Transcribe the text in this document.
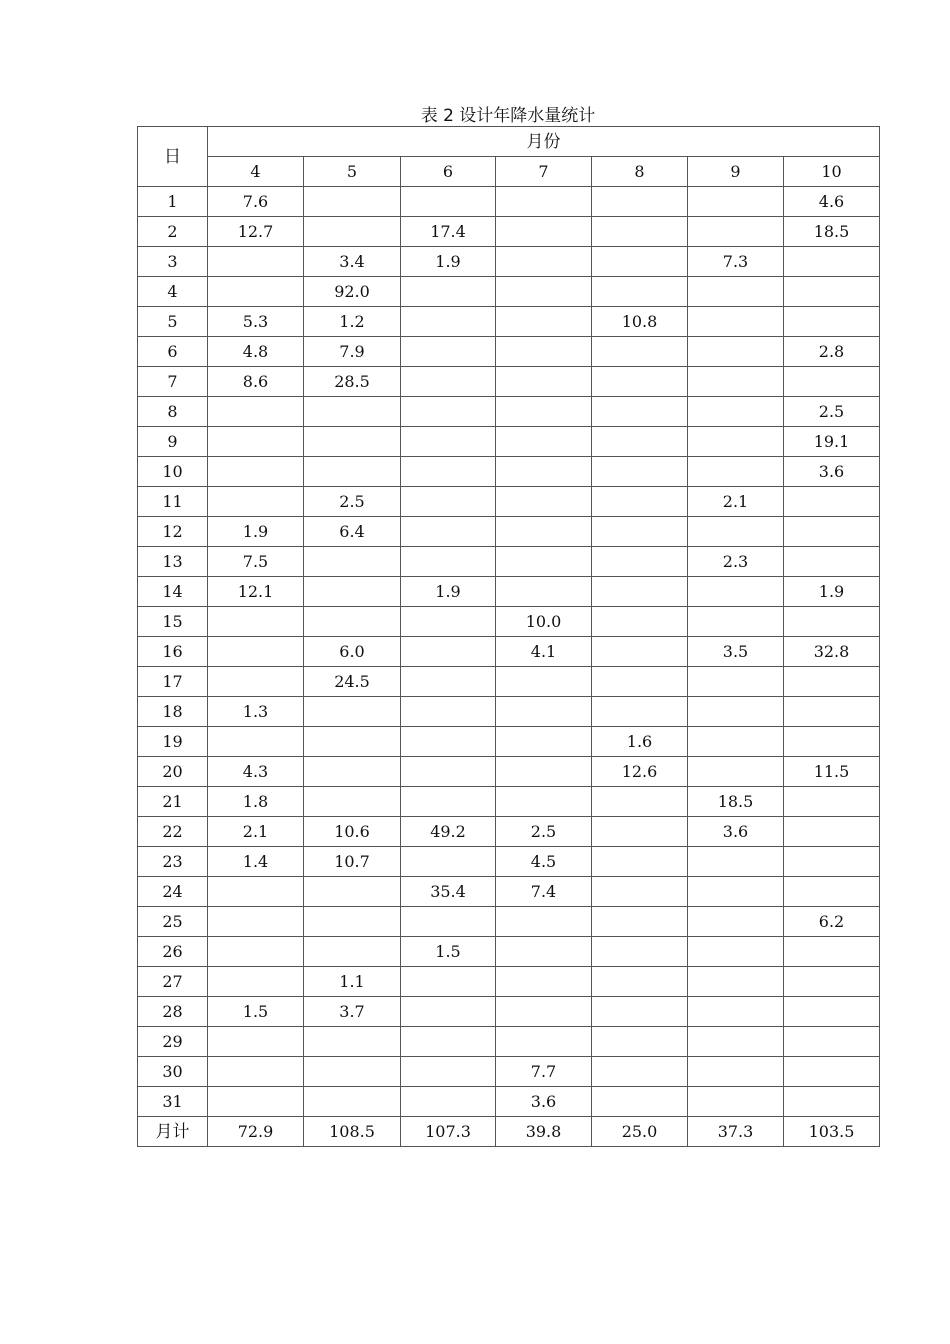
表 2 设计年降水量统计
日	月份						
	4	5	6	7	8	9	10
1	7.6						4.6
2	12.7		17.4				18.5
3		3.4	1.9			7.3	
4		92.0					
5	5.3	1.2			10.8		
6	4.8	7.9					2.8
7	8.6	28.5					
8							2.5
9							19.1
10							3.6
11		2.5				2.1	
12	1.9	6.4					
13	7.5					2.3	
14	12.1		1.9				1.9
15				10.0			
16		6.0		4.1		3.5	32.8
17		24.5					
18	1.3						
19					1.6		
20	4.3				12.6		11.5
21	1.8					18.5	
22	2.1	10.6	49.2	2.5		3.6	
23	1.4	10.7		4.5			
24			35.4	7.4			
25							6.2
26			1.5				
27		1.1					
28	1.5	3.7					
29							
30				7.7			
31				3.6			
月计	72.9	108.5	107.3	39.8	25.0	37.3	103.5
